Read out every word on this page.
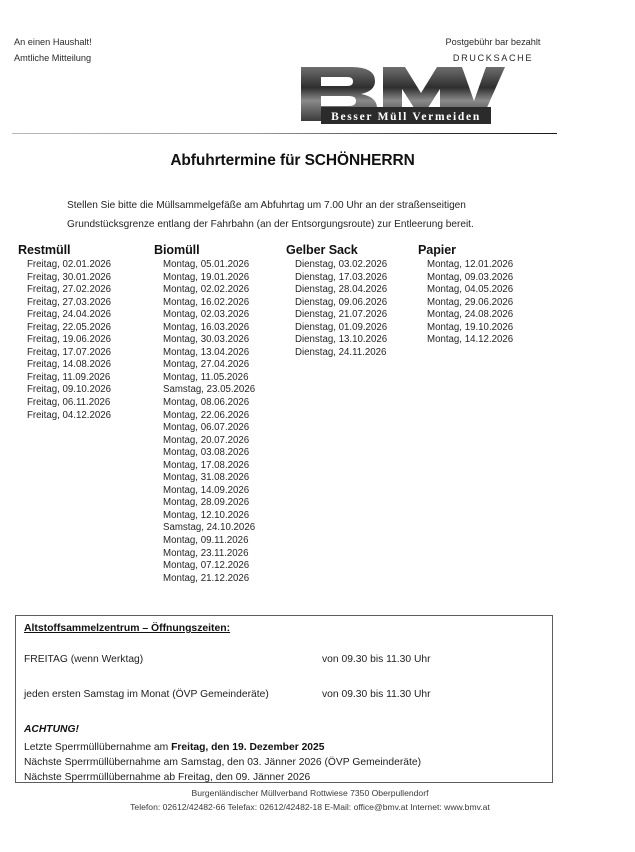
An einen Haushalt!
Amtliche Mitteilung
Postgebühr bar bezahlt
DRUCKSACHE
Besser Müll Vermeiden
Abfuhrtermine für SCHÖNHERRN
Stellen Sie bitte die Müllsammelgefäße am Abfuhrtag um 7.00 Uhr an der straßenseitigen Grundstücksgrenze entlang der Fahrbahn (an der Entsorgungsroute) zur Entleerung bereit.
Restmüll
Freitag, 02.01.2026
Freitag, 30.01.2026
Freitag, 27.02.2026
Freitag, 27.03.2026
Freitag, 24.04.2026
Freitag, 22.05.2026
Freitag, 19.06.2026
Freitag, 17.07.2026
Freitag, 14.08.2026
Freitag, 11.09.2026
Freitag, 09.10.2026
Freitag, 06.11.2026
Freitag, 04.12.2026
Biomüll
Montag, 05.01.2026
Montag, 19.01.2026
Montag, 02.02.2026
Montag, 16.02.2026
Montag, 02.03.2026
Montag, 16.03.2026
Montag, 30.03.2026
Montag, 13.04.2026
Montag, 27.04.2026
Montag, 11.05.2026
Samstag, 23.05.2026
Montag, 08.06.2026
Montag, 22.06.2026
Montag, 06.07.2026
Montag, 20.07.2026
Montag, 03.08.2026
Montag, 17.08.2026
Montag, 31.08.2026
Montag, 14.09.2026
Montag, 28.09.2026
Montag, 12.10.2026
Samstag, 24.10.2026
Montag, 09.11.2026
Montag, 23.11.2026
Montag, 07.12.2026
Montag, 21.12.2026
Gelber Sack
Dienstag, 03.02.2026
Dienstag, 17.03.2026
Dienstag, 28.04.2026
Dienstag, 09.06.2026
Dienstag, 21.07.2026
Dienstag, 01.09.2026
Dienstag, 13.10.2026
Dienstag, 24.11.2026
Papier
Montag, 12.01.2026
Montag, 09.03.2026
Montag, 04.05.2026
Montag, 29.06.2026
Montag, 24.08.2026
Montag, 19.10.2026
Montag, 14.12.2026
Altstoffsammelzentrum – Öffnungszeiten:
FREITAG (wenn Werktag)	von 09.30 bis 11.30 Uhr
jeden ersten Samstag im Monat (ÖVP Gemeinderäte)	von 09.30 bis 11.30 Uhr
ACHTUNG!
Letzte Sperrmüllübernahme am Freitag, den 19. Dezember 2025
Nächste Sperrmüllübernahme am Samstag, den 03. Jänner 2026 (ÖVP Gemeinderäte)
Nächste Sperrmüllübernahme ab Freitag, den 09. Jänner 2026
Burgenländischer Müllverband Rottwiese 7350 Oberpullendorf
Telefon: 02612/42482-66 Telefax: 02612/42482-18 E-Mail: office@bmv.at Internet: www.bmv.at
